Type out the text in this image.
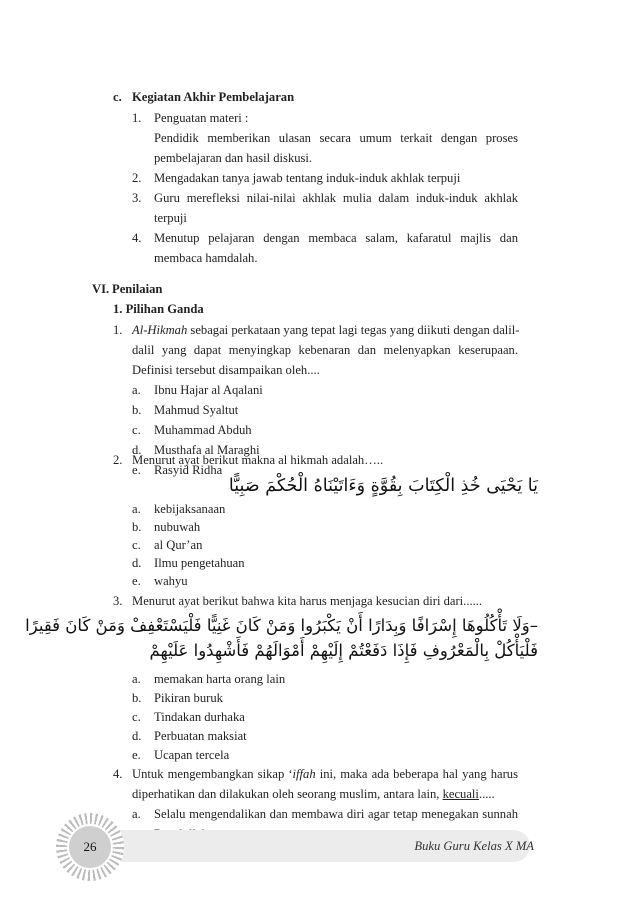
c. Kegiatan Akhir Pembelajaran
1. Penguatan materi :
Pendidik memberikan ulasan secara umum terkait dengan proses
pembelajaran dan hasil diskusi.
2. Mengadakan tanya jawab tentang induk-induk akhlak terpuji
3. Guru merefleksi nilai-nilai akhlak mulia dalam induk-induk akhlak
terpuji
4. Menutup pelajaran dengan membaca salam, kafaratul majlis dan
membaca hamdalah.
VI. Penilaian
1. Pilihan Ganda
1. Al-Hikmah sebagai perkataan yang tepat lagi tegas yang diikuti dengan dalil-
dalil yang dapat menyingkap kebenaran dan melenyapkan keserupaan.
Definisi tersebut disampaikan oleh....
a. Ibnu Hajar al Aqalani
b. Mahmud Syaltut
c. Muhammad Abduh
d. Musthafa al Maraghi
e. Rasyid Ridha
2. Menurut ayat berikut makna al hikmah adalah…..
يَا يَحْيَى خُذِ الْكِتَابَ بِقُوَّةٍ وَءَاتَيْنَاهُ الْحُكْمَ صَبِيًّا
a. kebijaksanaan
b. nubuwah
c. al Qur’an
d. Ilmu pengetahuan
e. wahyu
3. Menurut ayat berikut bahwa kita harus menjaga kesucian diri dari......
–وَلَا تَأْكُلُوهَا إِسْرَافًا وَبِدَارًا أَنْ يَكْبَرُوا وَمَنْ كَانَ غَنِيًّا فَلْيَسْتَعْفِفْ وَمَنْ كَانَ فَقِيرًا
فَلْيَأْكُلْ بِالْمَعْرُوفِ فَإِذَا دَفَعْتُمْ إِلَيْهِمْ أَمْوَالَهُمْ فَأَشْهِدُوا عَلَيْهِمْ
a. memakan harta orang lain
b. Pikiran buruk
c. Tindakan durhaka
d. Perbuatan maksiat
e. Ucapan tercela
4. Untuk mengembangkan sikap ‘iffah ini, maka ada beberapa hal yang harus
diperhatikan dan dilakukan oleh seorang muslim, antara lain, kecuali.....
a. Selalu mengendalikan dan membawa diri agar tetap menegakan sunnah
26	Buku Guru Kelas X MA
